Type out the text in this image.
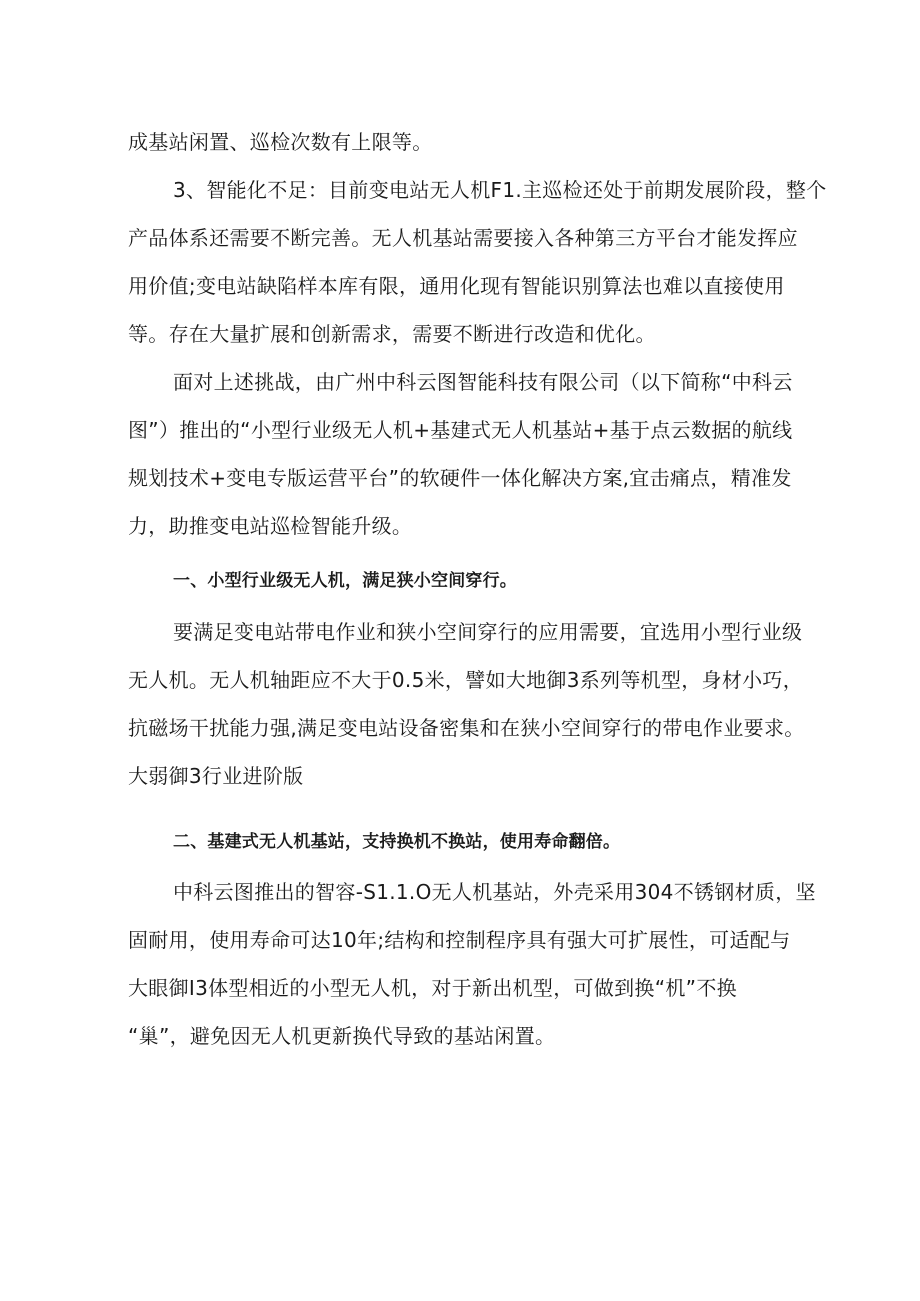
成基站闲置、巡检次数有上限等。
3、智能化不足：目前变电站无人机F1.主巡检还处于前期发展阶段，整个
产品体系还需要不断完善。无人机基站需要接入各种第三方平台才能发挥应
用价值;变电站缺陷样本库有限，通用化现有智能识别算法也难以直接使用
等。存在大量扩展和创新需求，需要不断进行改造和优化。
面对上述挑战，由广州中科云图智能科技有限公司（以下简称“中科云
图”）推出的“小型行业级无人机+基建式无人机基站+基于点云数据的航线
规划技术+变电专版运营平台”的软硬件一体化解决方案,宜击痛点，精准发
力，助推变电站巡检智能升级。
一、小型行业级无人机，满足狭小空间穿行。
要满足变电站带电作业和狭小空间穿行的应用需要，宜选用小型行业级
无人机。无人机轴距应不大于0.5米，譬如大地御3系列等机型，身材小巧，
抗磁场干扰能力强,满足变电站设备密集和在狭小空间穿行的带电作业要求。
大弱御3行业进阶版
二、基建式无人机基站，支持换机不换站，使用寿命翻倍。
中科云图推出的智容-S1.1.O无人机基站，外壳采用304不锈钢材质，坚
固耐用，使用寿命可达10年;结构和控制程序具有强大可扩展性，可适配与
大眼御I3体型相近的小型无人机，对于新出机型，可做到换“机”不换
“巢”，避免因无人机更新换代导致的基站闲置。
